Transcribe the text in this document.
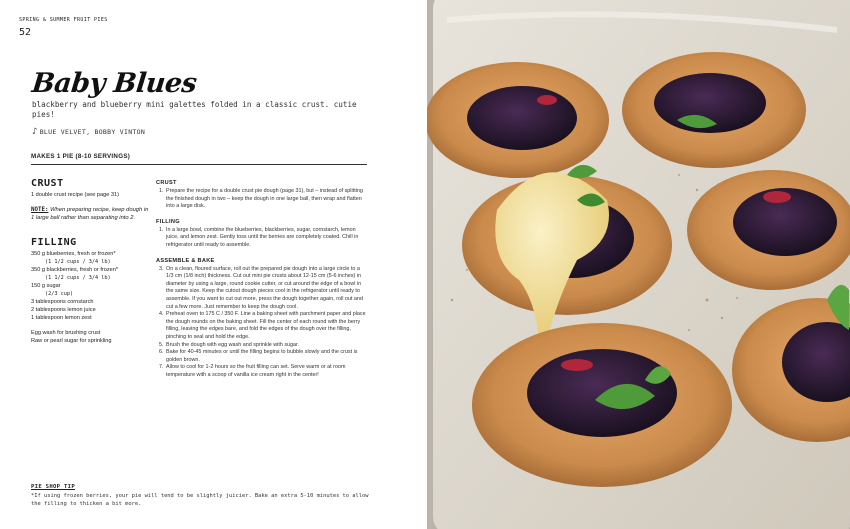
SPRING & SUMMER FRUIT PIES
52
Baby Blues
blackberry and blueberry mini galettes folded in a classic crust. cutie pies!
♪ BLUE VELVET, BOBBY VINTON
MAKES 1 PIE (8-10 SERVINGS)
CRUST
1 double crust recipe (see page 31)
NOTE: When preparing recipe, keep dough in 1 large ball rather than separating into 2.
FILLING
350 g blueberries, fresh or frozen*
(1 1/2 cups / 3/4 lb)
350 g blackberries, fresh or frozen*
(1 1/2 cups / 3/4 lb)
150 g sugar
(2/3 cup)
3 tablespoons cornstarch
2 tablespoons lemon juice
1 tablespoon lemon zest
Egg wash for brushing crust
Raw or pearl sugar for sprinkling
CRUST
1. Prepare the recipe for a double crust pie dough (page 31), but – instead of splitting the finished dough in two – keep the dough in one large ball, then wrap and flatten into a large disk.
FILLING
1. In a large bowl, combine the blueberries, blackberries, sugar, cornstarch, lemon juice, and lemon zest. Gently toss until the berries are completely coated. Chill in refrigerator until ready to assemble.
ASSEMBLE & BAKE
3. On a clean, floured surface, roll out the prepared pie dough into a large circle to a 1/3 cm (1/8 inch) thickness. Cut out mini pie crusts about 12-15 cm (5-6 inches) in diameter by using a large, round cookie cutter, or cut around the edge of a bowl in the same size. Keep the cutout dough pieces cool in the refrigerator until ready to assemble. If you want to cut out more, press the dough together again, roll out and cut a few more. Just remember to keep the dough cool.
4. Preheat oven to 175 C / 350 F. Line a baking sheet with parchment paper and place the dough rounds on the baking sheet. Fill the center of each round with the berry filling, leaving the edges bare, and fold the edges of the dough over the filling, pinching to seal and hold the edge.
5. Brush the dough with egg wash and sprinkle with sugar.
6. Bake for 40-45 minutes or until the filling begins to bubble slowly and the crust is golden brown.
7. Allow to cool for 1-2 hours so the fruit filling can set. Serve warm or at room temperature with a scoop of vanilla ice cream right in the center!
PIE SHOP TIP
*If using frozen berries, your pie will tend to be slightly juicier. Bake an extra 5-10 minutes to allow the filling to thicken a bit more.
